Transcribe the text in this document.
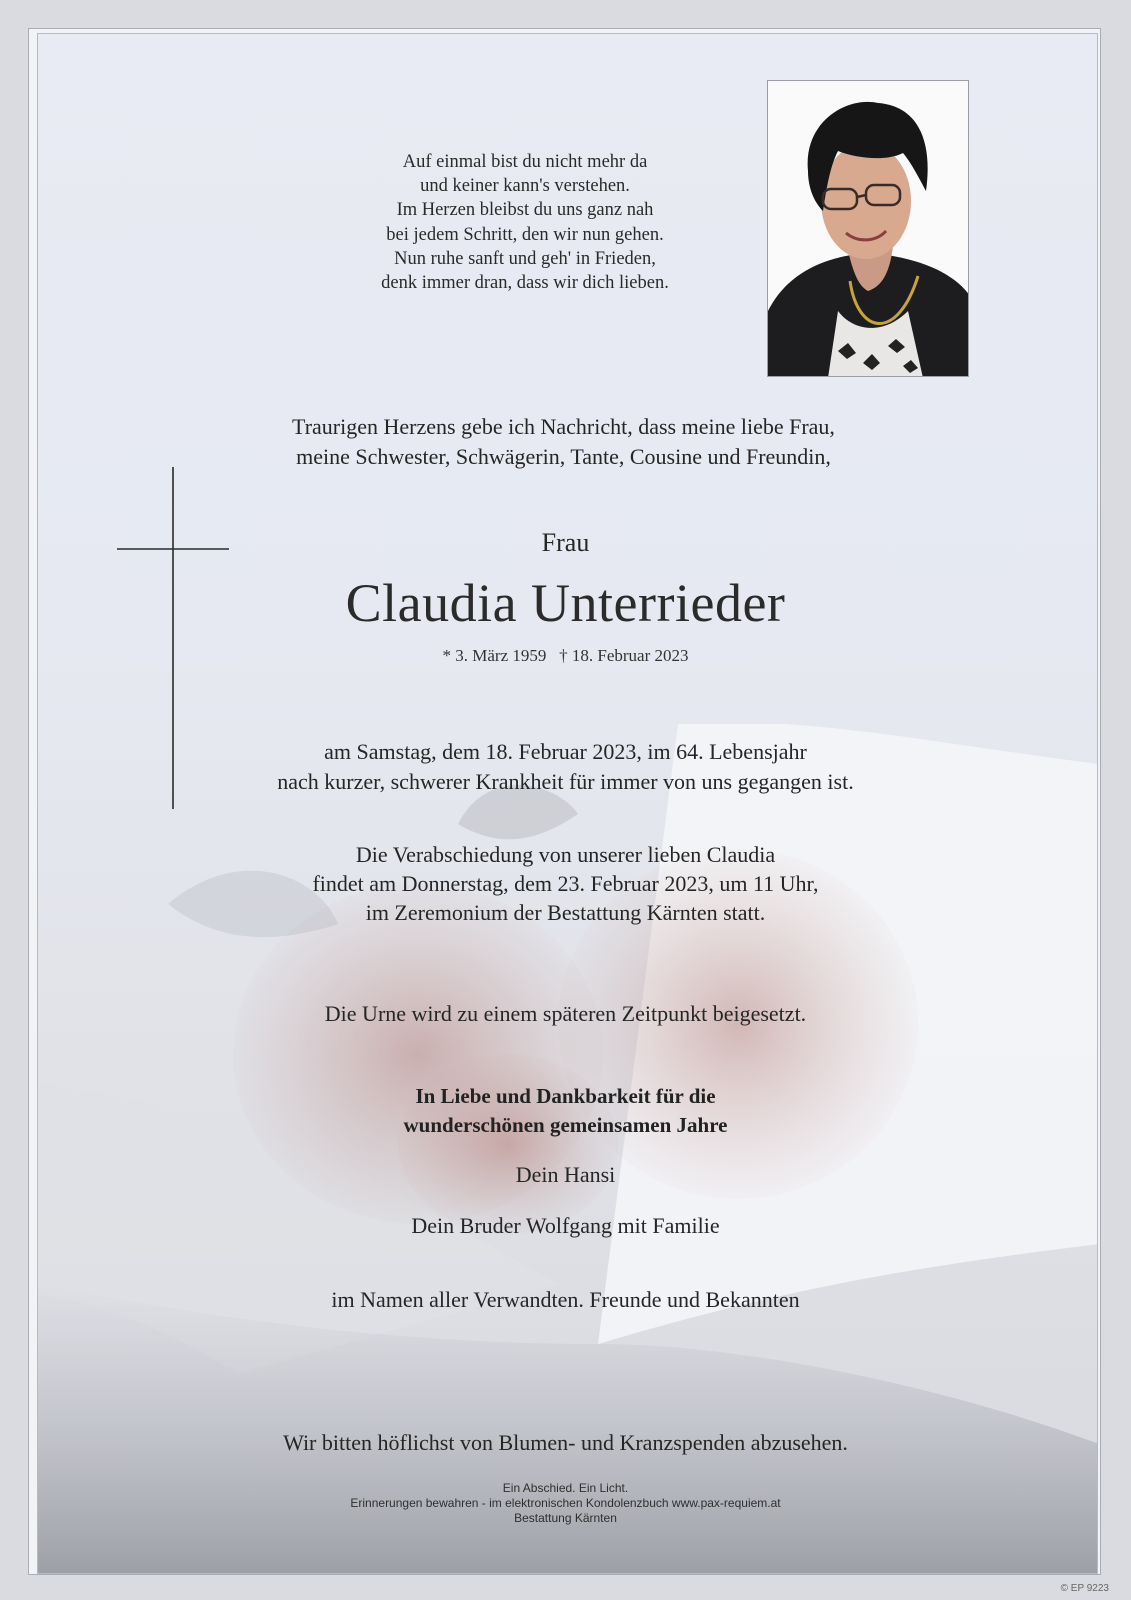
Auf einmal bist du nicht mehr da
und keiner kann's verstehen.
Im Herzen bleibst du uns ganz nah
bei jedem Schritt, den wir nun gehen.
Nun ruhe sanft und geh' in Frieden,
denk immer dran, dass wir dich lieben.
Traurigen Herzens gebe ich Nachricht, dass meine liebe Frau,
meine Schwester, Schwägerin, Tante, Cousine und Freundin,
Frau
Claudia Unterrieder
* 3. März 1959   † 18. Februar 2023
am Samstag, dem 18. Februar 2023, im 64. Lebensjahr
nach kurzer, schwerer Krankheit für immer von uns gegangen ist.
Die Verabschiedung von unserer lieben Claudia
findet am Donnerstag, dem 23. Februar 2023, um 11 Uhr,
im Zeremonium der Bestattung Kärnten statt.
Die Urne wird zu einem späteren Zeitpunkt beigesetzt.
In Liebe und Dankbarkeit für die
wunderschönen gemeinsamen Jahre
Dein Hansi
Dein Bruder Wolfgang mit Familie
im Namen aller Verwandten. Freunde und Bekannten
Wir bitten höflichst von Blumen- und Kranzspenden abzusehen.
Ein Abschied. Ein Licht.
Erinnerungen bewahren - im elektronischen Kondolenzbuch www.pax-requiem.at
Bestattung Kärnten
© EP 9223
